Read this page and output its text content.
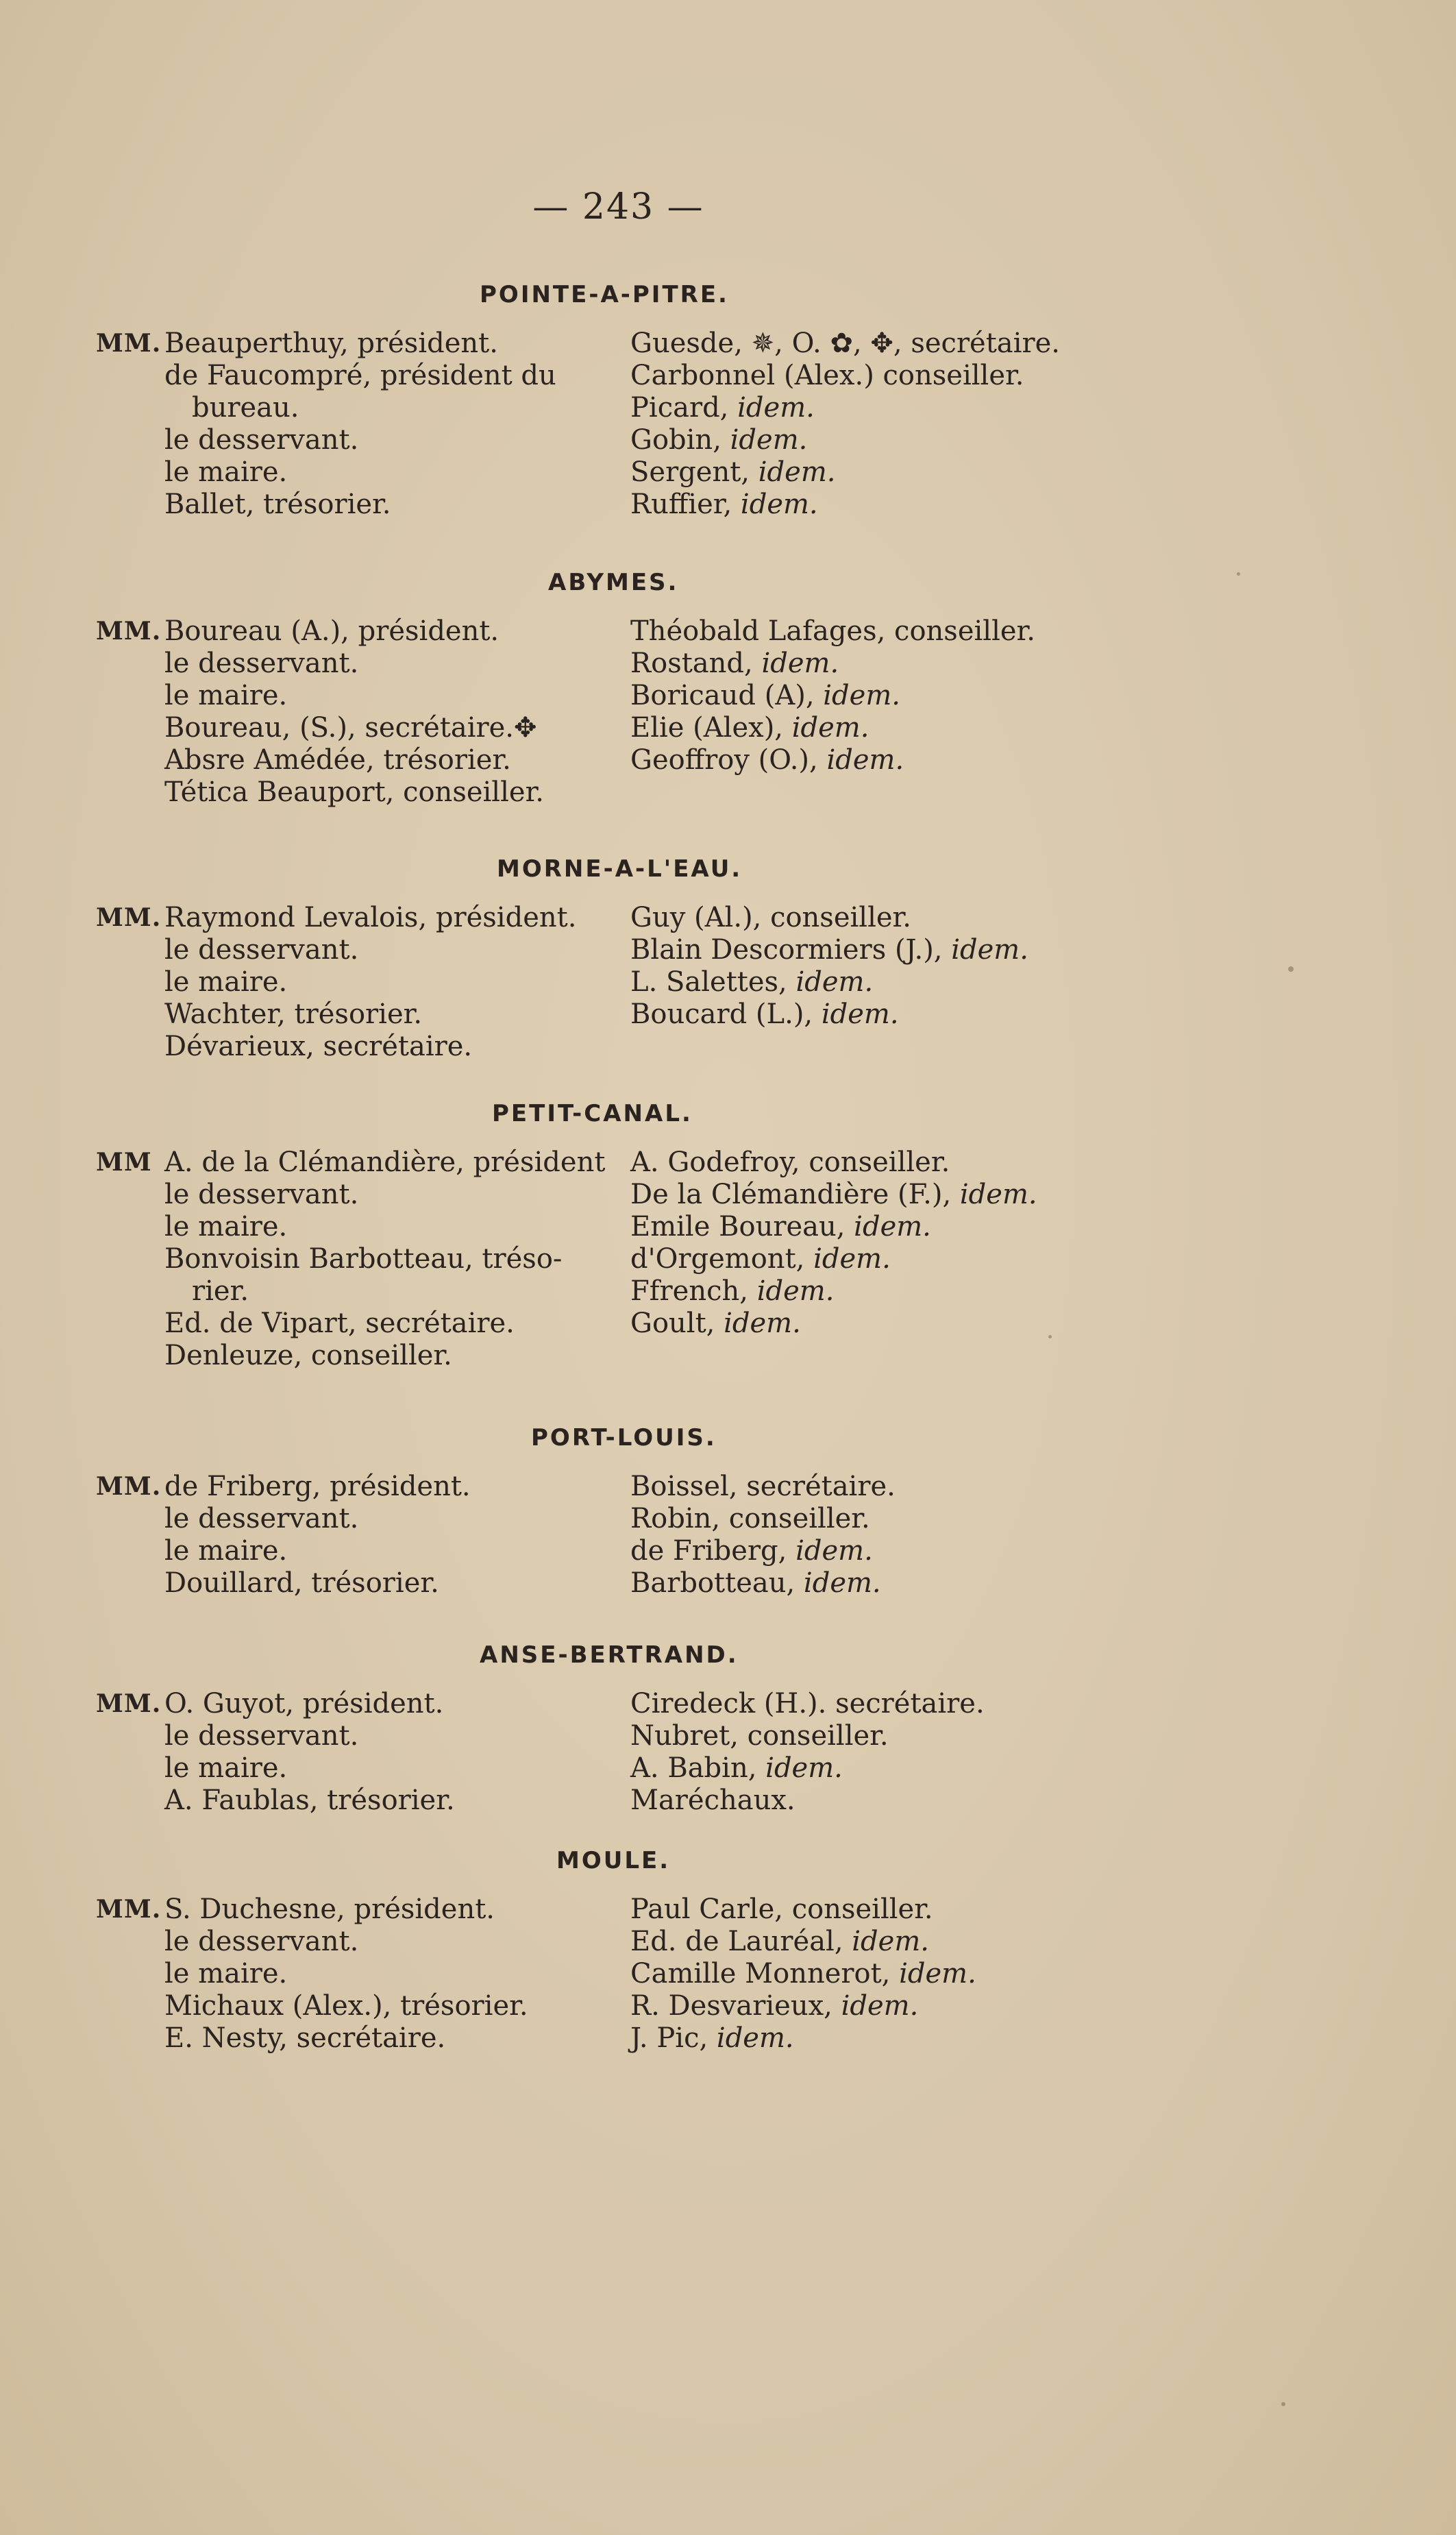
— 243 —
POINTE-A-PITRE.
MM. Beauperthuy, président.
de Faucompré, président du
bureau.
le desservant.
le maire.
Ballet, trésorier.
Guesde, ✵, O. ✿, ✥, secrétaire.
Carbonnel (Alex.) conseiller.
Picard, idem.
Gobin, idem.
Sergent, idem.
Ruffier, idem.
ABYMES.
MM. Boureau (A.), président.
le desservant.
le maire.
Boureau, (S.), secrétaire.✥
Absre Amédée, trésorier.
Tética Beauport, conseiller.
Théobald Lafages, conseiller.
Rostand, idem.
Boricaud (A), idem.
Elie (Alex), idem.
Geoffroy (O.), idem.
MORNE-A-L'EAU.
MM. Raymond Levalois, président.
le desservant.
le maire.
Wachter, trésorier.
Dévarieux, secrétaire.
Guy (Al.), conseiller.
Blain Descormiers (J.), idem.
L. Salettes, idem.
Boucard (L.), idem.
PETIT-CANAL.
MM A. de la Clémandière, président
le desservant.
le maire.
Bonvoisin Barbotteau, tréso-
rier.
Ed. de Vipart, secrétaire.
Denleuze, conseiller.
A. Godefroy, conseiller.
De la Clémandière (F.), idem.
Emile Boureau, idem.
d'Orgemont, idem.
Ffrench, idem.
Goult, idem.
PORT-LOUIS.
MM. de Friberg, président.
le desservant.
le maire.
Douillard, trésorier.
Boissel, secrétaire.
Robin, conseiller.
de Friberg, idem.
Barbotteau, idem.
ANSE-BERTRAND.
MM. O. Guyot, président.
le desservant.
le maire.
A. Faublas, trésorier.
Ciredeck (H.). secrétaire.
Nubret, conseiller.
A. Babin, idem.
Maréchaux.
MOULE.
MM. S. Duchesne, président.
le desservant.
le maire.
Michaux (Alex.), trésorier.
E. Nesty, secrétaire.
Paul Carle, conseiller.
Ed. de Lauréal, idem.
Camille Monnerot, idem.
R. Desvarieux, idem.
J. Pic, idem.
